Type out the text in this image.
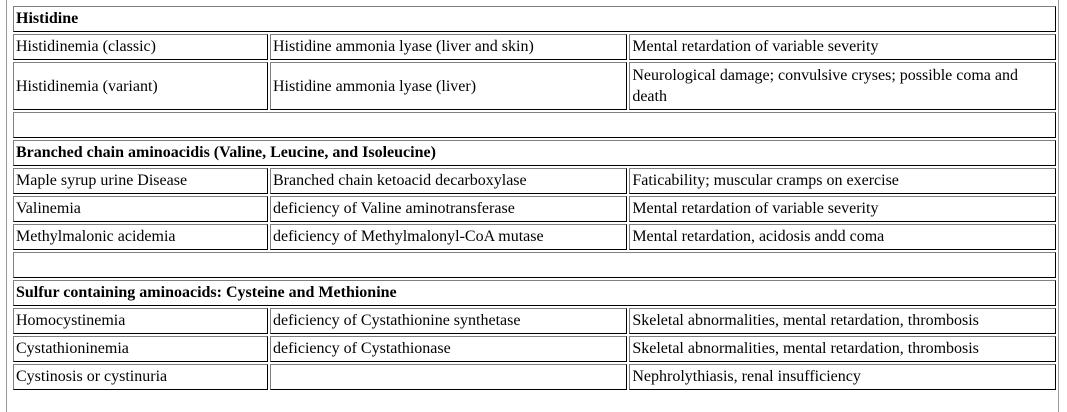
Histidine		
Histidinemia (classic)	Histidine ammonia lyase (liver and skin)	Mental retardation of variable severity
Histidinemia (variant)	Histidine ammonia lyase (liver)	Neurological damage; convulsive cryses; possible coma and death

Branched chain aminoacidis (Valine, Leucine, and Isoleucine)		
Maple syrup urine Disease	Branched chain ketoacid decarboxylase	Faticability; muscular cramps on exercise
Valinemia	deficiency of Valine aminotransferase	Mental retardation of variable severity
Methylmalonic acidemia	deficiency of Methylmalonyl-CoA mutase	Mental retardation, acidosis andd coma

Sulfur containing aminoacids: Cysteine and Methionine		
Homocystinemia	deficiency of Cystathionine synthetase	Skeletal abnormalities, mental retardation, thrombosis
Cystathioninemia	deficiency of Cystathionase	Skeletal abnormalities, mental retardation, thrombosis
Cystinosis or cystinuria		Nephrolythiasis, renal insufficiency
